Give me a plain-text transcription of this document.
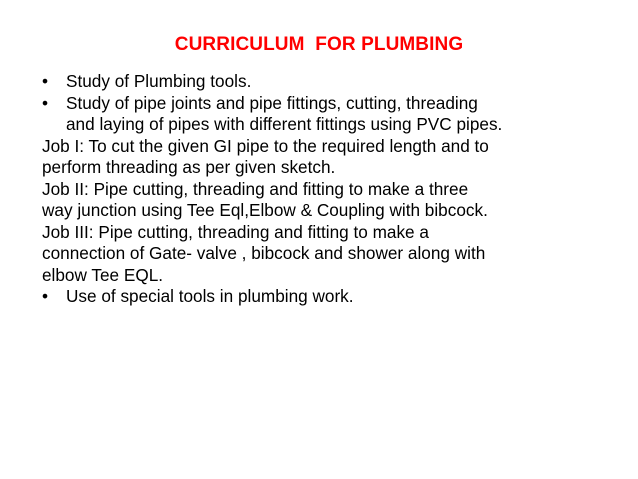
CURRICULUM  FOR PLUMBING
• Study of Plumbing tools.
• Study of pipe joints and pipe fittings, cutting, threading
and laying of pipes with different fittings using PVC pipes.
Job I: To cut the given GI pipe to the required length and to
perform threading as per given sketch.
Job II: Pipe cutting, threading and fitting to make a three
way junction using Tee Eql,Elbow & Coupling with bibcock.
Job III: Pipe cutting, threading and fitting to make a
connection of Gate- valve , bibcock and shower along with
elbow Tee EQL.
• Use of special tools in plumbing work.
